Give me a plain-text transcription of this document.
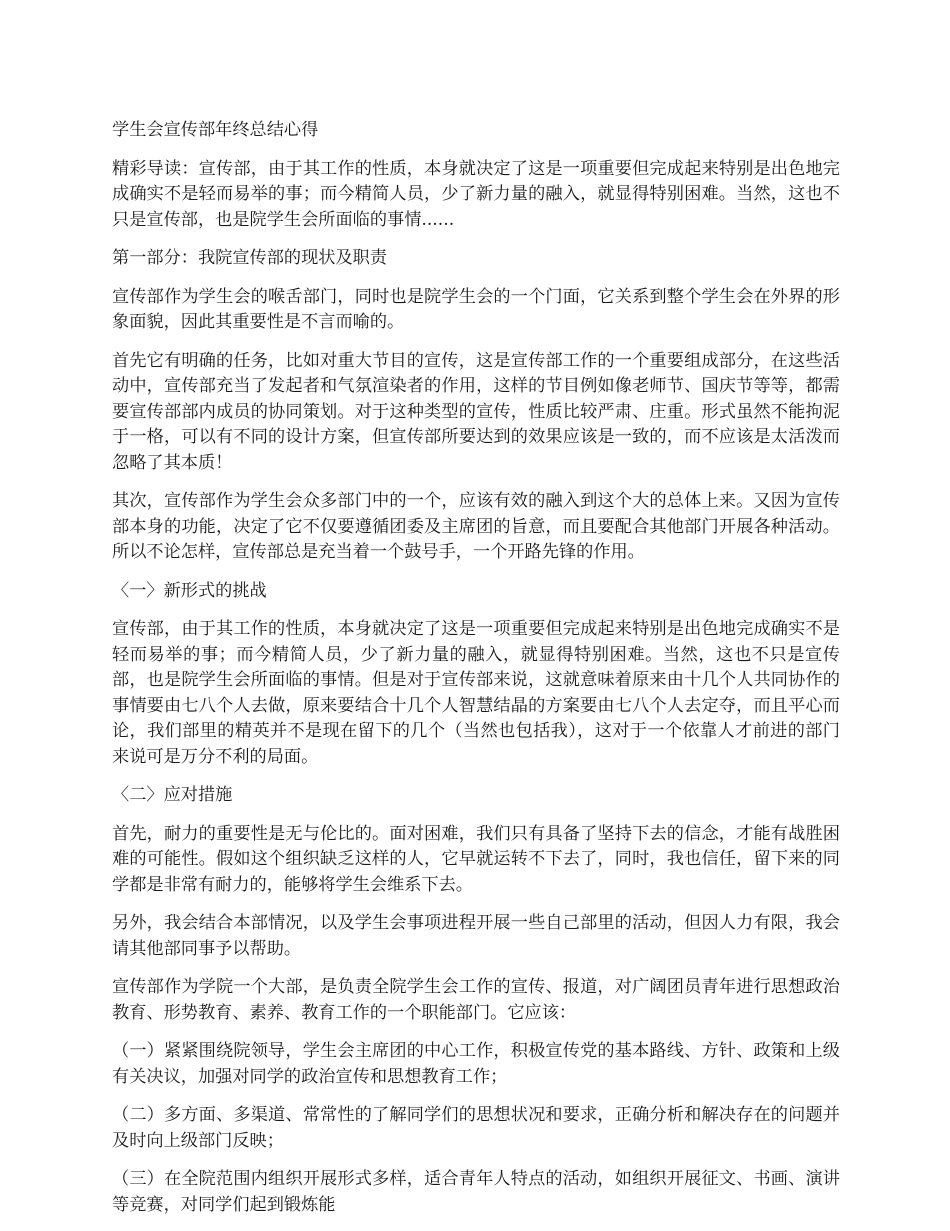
学生会宣传部年终总结心得

精彩导读：宣传部，由于其工作的性质，本身就决定了这是一项重要但完成起来特别是出色地完成确实不是轻而易举的事；而今精简人员，少了新力量的融入，就显得特别困难。当然，这也不只是宣传部，也是院学生会所面临的事情......

第一部分：我院宣传部的现状及职责

宣传部作为学生会的喉舌部门，同时也是院学生会的一个门面，它关系到整个学生会在外界的形象面貌，因此其重要性是不言而喻的。

首先它有明确的任务，比如对重大节目的宣传，这是宣传部工作的一个重要组成部分，在这些活动中，宣传部充当了发起者和气氛渲染者的作用，这样的节目例如像老师节、国庆节等等，都需要宣传部部内成员的协同策划。对于这种类型的宣传，性质比较严肃、庄重。形式虽然不能拘泥于一格，可以有不同的设计方案，但宣传部所要达到的效果应该是一致的，而不应该是太活泼而忽略了其本质！

其次，宣传部作为学生会众多部门中的一个，应该有效的融入到这个大的总体上来。又因为宣传部本身的功能，决定了它不仅要遵循团委及主席团的旨意，而且要配合其他部门开展各种活动。所以不论怎样，宣传部总是充当着一个鼓号手，一个开路先锋的作用。

〈一〉新形式的挑战

宣传部，由于其工作的性质，本身就决定了这是一项重要但完成起来特别是出色地完成确实不是轻而易举的事；而今精简人员，少了新力量的融入，就显得特别困难。当然，这也不只是宣传部，也是院学生会所面临的事情。但是对于宣传部来说，这就意味着原来由十几个人共同协作的事情要由七八个人去做，原来要结合十几个人智慧结晶的方案要由七八个人去定夺，而且平心而论，我们部里的精英并不是现在留下的几个（当然也包括我），这对于一个依靠人才前进的部门来说可是万分不利的局面。

〈二〉应对措施

首先，耐力的重要性是无与伦比的。面对困难，我们只有具备了坚持下去的信念，才能有战胜困难的可能性。假如这个组织缺乏这样的人，它早就运转不下去了，同时，我也信任，留下来的同学都是非常有耐力的，能够将学生会维系下去。

另外，我会结合本部情况，以及学生会事项进程开展一些自己部里的活动，但因人力有限，我会请其他部同事予以帮助。

宣传部作为学院一个大部，是负责全院学生会工作的宣传、报道，对广阔团员青年进行思想政治教育、形势教育、素养、教育工作的一个职能部门。它应该：

（一）紧紧围绕院领导，学生会主席团的中心工作，积极宣传党的基本路线、方针、政策和上级有关决议，加强对同学的政治宣传和思想教育工作；

（二）多方面、多渠道、常常性的了解同学们的思想状况和要求，正确分析和解决存在的问题并及时向上级部门反映；

（三）在全院范围内组织开展形式多样，适合青年人特点的活动，如组织开展征文、书画、演讲等竞赛，对同学们起到锻炼能
